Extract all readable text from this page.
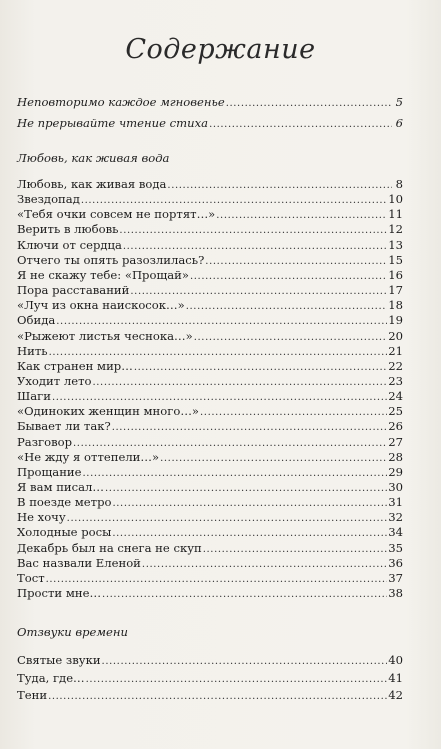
Содержание
Неповторимо каждое мгновенье .....	5
Не прерывайте чтение стиха .....	6
Любовь, как живая вода
Любовь, как живая вода .....	8
Звездопад .....	10
«Тебя очки совсем не портят…» .....	11
Верить в любовь .....	12
Ключи от сердца .....	13
Отчего ты опять разозлилась? .....	15
Я не скажу тебе: «Прощай» .....	16
Пора расставаний .....	17
«Луч из окна наискосок…» .....	18
Обида .....	19
«Рыжеют листья чеснока…» .....	20
Нить .....	21
Как странен мир… .....	22
Уходит лето .....	23
Шаги .....	24
«Одиноких женщин много…» .....	25
Бывает ли так? .....	26
Разговор .....	27
«Не жду я оттепели…» .....	28
Прощание .....	29
Я вам писал… .....	30
В поезде метро .....	31
Не хочу .....	32
Холодные росы .....	34
Декабрь был на снега не скуп .....	35
Вас назвали Еленой .....	36
Тост .....	37
Прости мне… .....	38
Отзвуки времени
Святые звуки .....	40
Туда, где… .....	41
Тени .....	42
